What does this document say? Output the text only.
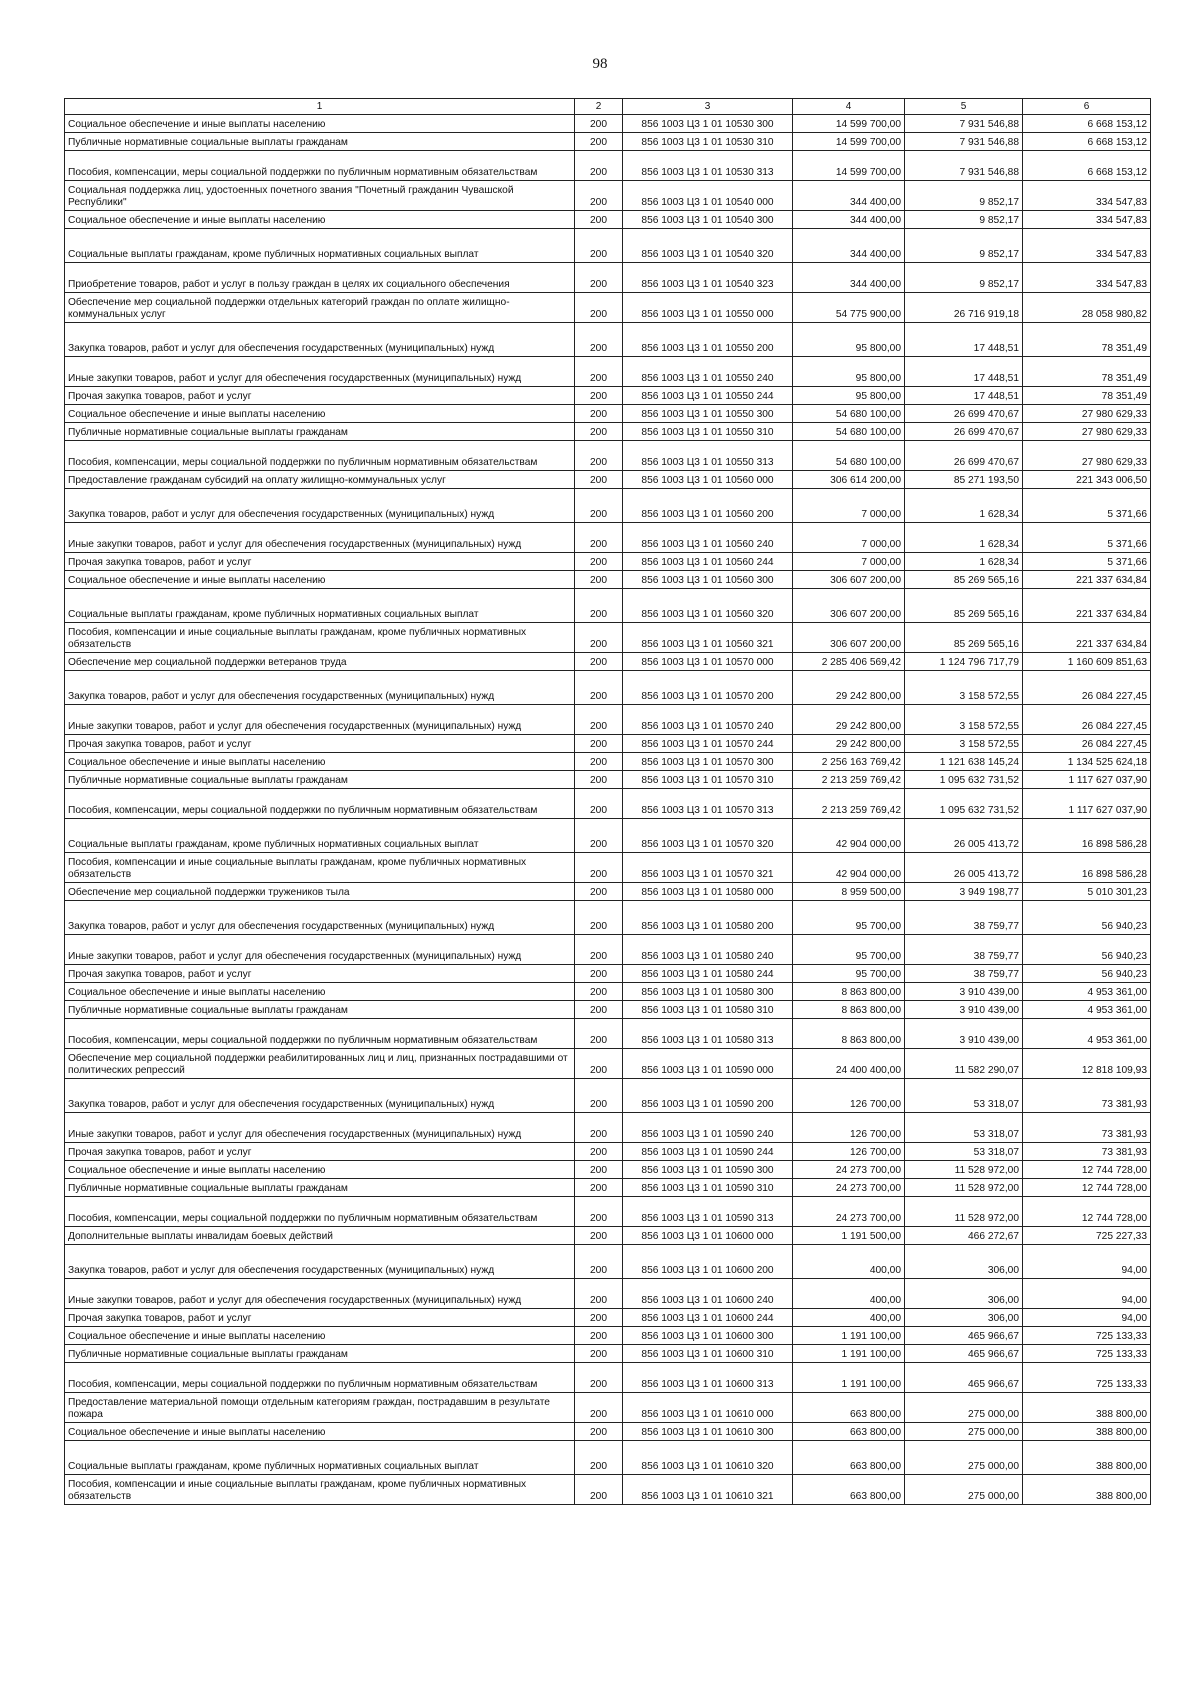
98
1	2	3	4	5	6
Социальное обеспечение и иные выплаты населению	200	856 1003 Ц3 1 01 10530 300	14 599 700,00	7 931 546,88	6 668 153,12
Публичные нормативные социальные выплаты гражданам	200	856 1003 Ц3 1 01 10530 310	14 599 700,00	7 931 546,88	6 668 153,12
Пособия, компенсации, меры социальной поддержки по публичным нормативным обязательствам	200	856 1003 Ц3 1 01 10530 313	14 599 700,00	7 931 546,88	6 668 153,12
Социальная поддержка лиц, удостоенных почетного звания "Почетный гражданин Чувашской Республики"	200	856 1003 Ц3 1 01 10540 000	344 400,00	9 852,17	334 547,83
Социальное обеспечение и иные выплаты населению	200	856 1003 Ц3 1 01 10540 300	344 400,00	9 852,17	334 547,83
Социальные выплаты гражданам, кроме публичных нормативных социальных выплат	200	856 1003 Ц3 1 01 10540 320	344 400,00	9 852,17	334 547,83
Приобретение товаров, работ и услуг в пользу граждан в целях их социального обеспечения	200	856 1003 Ц3 1 01 10540 323	344 400,00	9 852,17	334 547,83
Обеспечение мер социальной поддержки отдельных категорий граждан по оплате жилищно-коммунальных услуг	200	856 1003 Ц3 1 01 10550 000	54 775 900,00	26 716 919,18	28 058 980,82
Закупка товаров, работ и услуг для обеспечения государственных (муниципальных) нужд	200	856 1003 Ц3 1 01 10550 200	95 800,00	17 448,51	78 351,49
Иные закупки товаров, работ и услуг для обеспечения государственных (муниципальных) нужд	200	856 1003 Ц3 1 01 10550 240	95 800,00	17 448,51	78 351,49
Прочая закупка товаров, работ и услуг	200	856 1003 Ц3 1 01 10550 244	95 800,00	17 448,51	78 351,49
Социальное обеспечение и иные выплаты населению	200	856 1003 Ц3 1 01 10550 300	54 680 100,00	26 699 470,67	27 980 629,33
Публичные нормативные социальные выплаты гражданам	200	856 1003 Ц3 1 01 10550 310	54 680 100,00	26 699 470,67	27 980 629,33
Пособия, компенсации, меры социальной поддержки по публичным нормативным обязательствам	200	856 1003 Ц3 1 01 10550 313	54 680 100,00	26 699 470,67	27 980 629,33
Предоставление гражданам субсидий на оплату жилищно-коммунальных услуг	200	856 1003 Ц3 1 01 10560 000	306 614 200,00	85 271 193,50	221 343 006,50
Закупка товаров, работ и услуг для обеспечения государственных (муниципальных) нужд	200	856 1003 Ц3 1 01 10560 200	7 000,00	1 628,34	5 371,66
Иные закупки товаров, работ и услуг для обеспечения государственных (муниципальных) нужд	200	856 1003 Ц3 1 01 10560 240	7 000,00	1 628,34	5 371,66
Прочая закупка товаров, работ и услуг	200	856 1003 Ц3 1 01 10560 244	7 000,00	1 628,34	5 371,66
Социальное обеспечение и иные выплаты населению	200	856 1003 Ц3 1 01 10560 300	306 607 200,00	85 269 565,16	221 337 634,84
Социальные выплаты гражданам, кроме публичных нормативных социальных выплат	200	856 1003 Ц3 1 01 10560 320	306 607 200,00	85 269 565,16	221 337 634,84
Пособия, компенсации и иные социальные выплаты гражданам, кроме публичных нормативных обязательств	200	856 1003 Ц3 1 01 10560 321	306 607 200,00	85 269 565,16	221 337 634,84
Обеспечение мер социальной поддержки ветеранов труда	200	856 1003 Ц3 1 01 10570 000	2 285 406 569,42	1 124 796 717,79	1 160 609 851,63
Закупка товаров, работ и услуг для обеспечения государственных (муниципальных) нужд	200	856 1003 Ц3 1 01 10570 200	29 242 800,00	3 158 572,55	26 084 227,45
Иные закупки товаров, работ и услуг для обеспечения государственных (муниципальных) нужд	200	856 1003 Ц3 1 01 10570 240	29 242 800,00	3 158 572,55	26 084 227,45
Прочая закупка товаров, работ и услуг	200	856 1003 Ц3 1 01 10570 244	29 242 800,00	3 158 572,55	26 084 227,45
Социальное обеспечение и иные выплаты населению	200	856 1003 Ц3 1 01 10570 300	2 256 163 769,42	1 121 638 145,24	1 134 525 624,18
Публичные нормативные социальные выплаты гражданам	200	856 1003 Ц3 1 01 10570 310	2 213 259 769,42	1 095 632 731,52	1 117 627 037,90
Пособия, компенсации, меры социальной поддержки по публичным нормативным обязательствам	200	856 1003 Ц3 1 01 10570 313	2 213 259 769,42	1 095 632 731,52	1 117 627 037,90
Социальные выплаты гражданам, кроме публичных нормативных социальных выплат	200	856 1003 Ц3 1 01 10570 320	42 904 000,00	26 005 413,72	16 898 586,28
Пособия, компенсации и иные социальные выплаты гражданам, кроме публичных нормативных обязательств	200	856 1003 Ц3 1 01 10570 321	42 904 000,00	26 005 413,72	16 898 586,28
Обеспечение мер социальной поддержки тружеников тыла	200	856 1003 Ц3 1 01 10580 000	8 959 500,00	3 949 198,77	5 010 301,23
Закупка товаров, работ и услуг для обеспечения государственных (муниципальных) нужд	200	856 1003 Ц3 1 01 10580 200	95 700,00	38 759,77	56 940,23
Иные закупки товаров, работ и услуг для обеспечения государственных (муниципальных) нужд	200	856 1003 Ц3 1 01 10580 240	95 700,00	38 759,77	56 940,23
Прочая закупка товаров, работ и услуг	200	856 1003 Ц3 1 01 10580 244	95 700,00	38 759,77	56 940,23
Социальное обеспечение и иные выплаты населению	200	856 1003 Ц3 1 01 10580 300	8 863 800,00	3 910 439,00	4 953 361,00
Публичные нормативные социальные выплаты гражданам	200	856 1003 Ц3 1 01 10580 310	8 863 800,00	3 910 439,00	4 953 361,00
Пособия, компенсации, меры социальной поддержки по публичным нормативным обязательствам	200	856 1003 Ц3 1 01 10580 313	8 863 800,00	3 910 439,00	4 953 361,00
Обеспечение мер социальной поддержки реабилитированных лиц и лиц, признанных пострадавшими от политических репрессий	200	856 1003 Ц3 1 01 10590 000	24 400 400,00	11 582 290,07	12 818 109,93
Закупка товаров, работ и услуг для обеспечения государственных (муниципальных) нужд	200	856 1003 Ц3 1 01 10590 200	126 700,00	53 318,07	73 381,93
Иные закупки товаров, работ и услуг для обеспечения государственных (муниципальных) нужд	200	856 1003 Ц3 1 01 10590 240	126 700,00	53 318,07	73 381,93
Прочая закупка товаров, работ и услуг	200	856 1003 Ц3 1 01 10590 244	126 700,00	53 318,07	73 381,93
Социальное обеспечение и иные выплаты населению	200	856 1003 Ц3 1 01 10590 300	24 273 700,00	11 528 972,00	12 744 728,00
Публичные нормативные социальные выплаты гражданам	200	856 1003 Ц3 1 01 10590 310	24 273 700,00	11 528 972,00	12 744 728,00
Пособия, компенсации, меры социальной поддержки по публичным нормативным обязательствам	200	856 1003 Ц3 1 01 10590 313	24 273 700,00	11 528 972,00	12 744 728,00
Дополнительные выплаты инвалидам боевых действий	200	856 1003 Ц3 1 01 10600 000	1 191 500,00	466 272,67	725 227,33
Закупка товаров, работ и услуг для обеспечения государственных (муниципальных) нужд	200	856 1003 Ц3 1 01 10600 200	400,00	306,00	94,00
Иные закупки товаров, работ и услуг для обеспечения государственных (муниципальных) нужд	200	856 1003 Ц3 1 01 10600 240	400,00	306,00	94,00
Прочая закупка товаров, работ и услуг	200	856 1003 Ц3 1 01 10600 244	400,00	306,00	94,00
Социальное обеспечение и иные выплаты населению	200	856 1003 Ц3 1 01 10600 300	1 191 100,00	465 966,67	725 133,33
Публичные нормативные социальные выплаты гражданам	200	856 1003 Ц3 1 01 10600 310	1 191 100,00	465 966,67	725 133,33
Пособия, компенсации, меры социальной поддержки по публичным нормативным обязательствам	200	856 1003 Ц3 1 01 10600 313	1 191 100,00	465 966,67	725 133,33
Предоставление материальной помощи отдельным категориям граждан, пострадавшим в результате пожара	200	856 1003 Ц3 1 01 10610 000	663 800,00	275 000,00	388 800,00
Социальное обеспечение и иные выплаты населению	200	856 1003 Ц3 1 01 10610 300	663 800,00	275 000,00	388 800,00
Социальные выплаты гражданам, кроме публичных нормативных социальных выплат	200	856 1003 Ц3 1 01 10610 320	663 800,00	275 000,00	388 800,00
Пособия, компенсации и иные социальные выплаты гражданам, кроме публичных нормативных обязательств	200	856 1003 Ц3 1 01 10610 321	663 800,00	275 000,00	388 800,00
